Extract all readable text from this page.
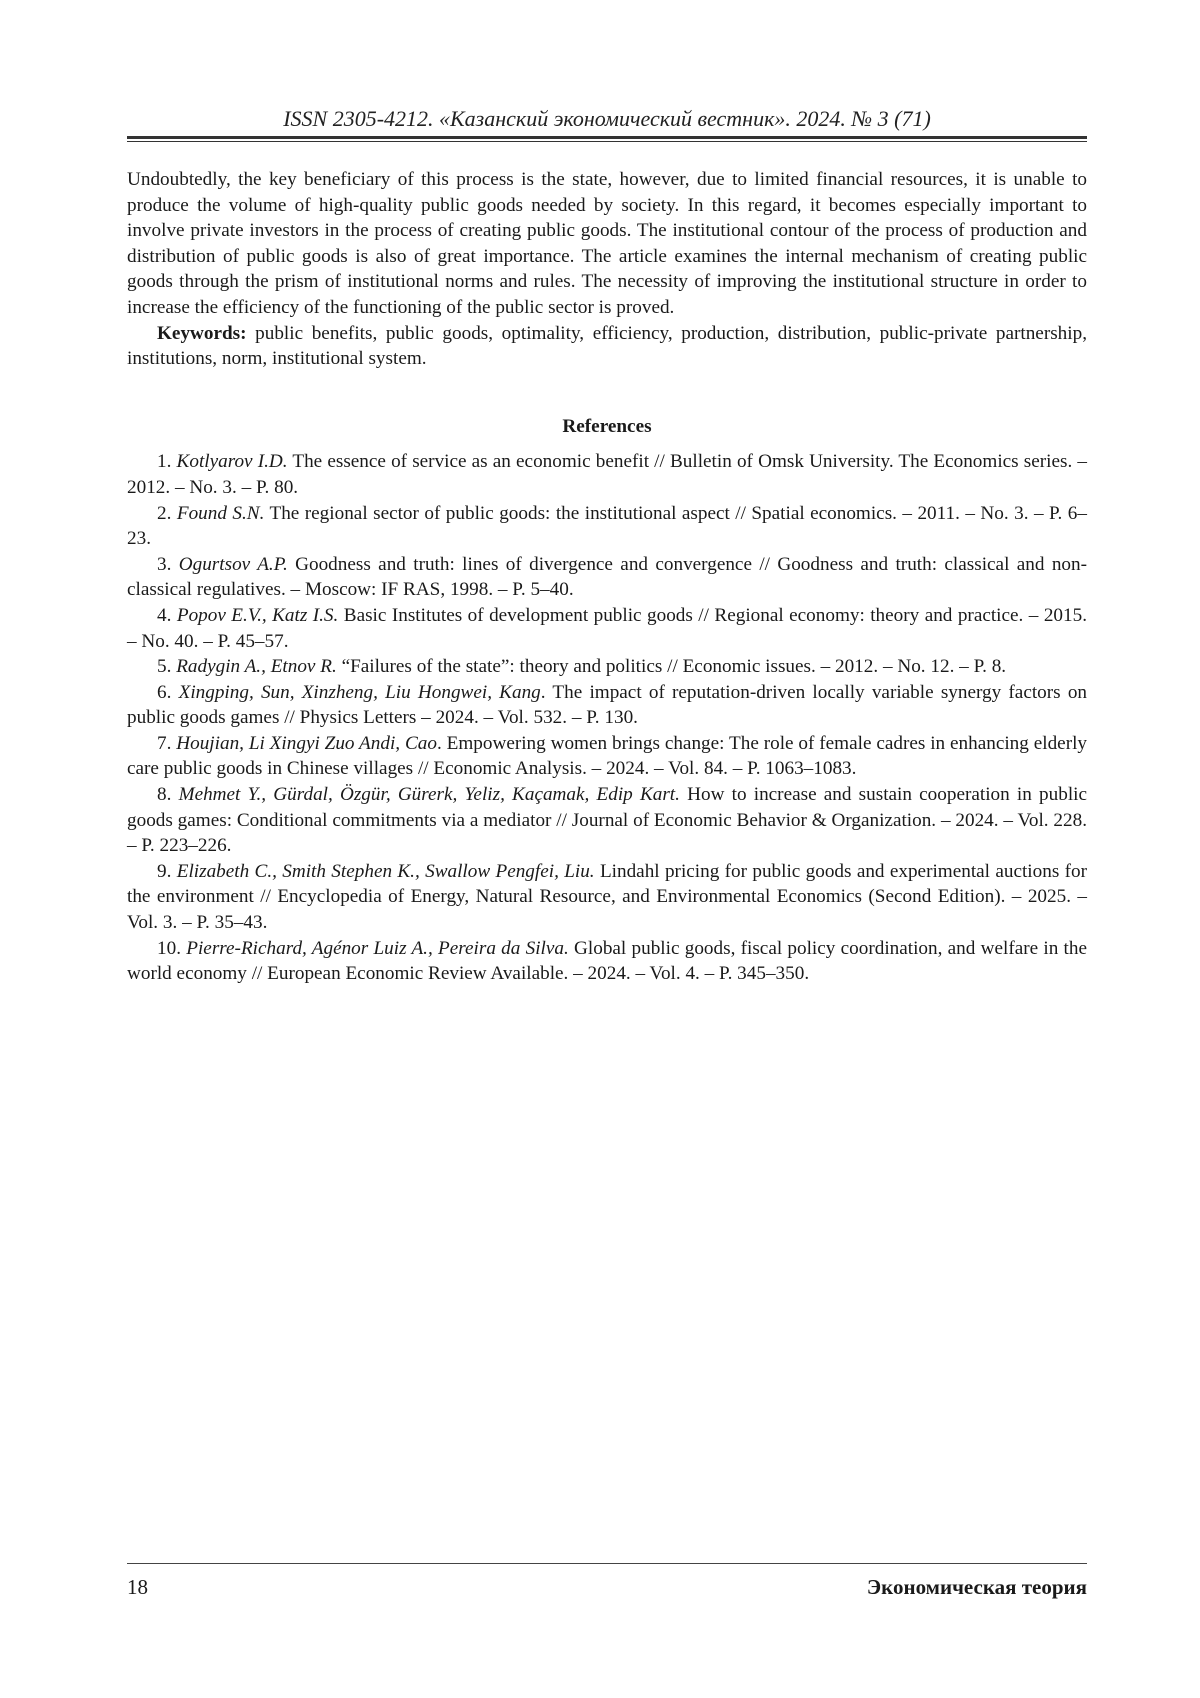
ISSN 2305-4212. «Казанский экономический вестник». 2024. № 3 (71)

Undoubtedly, the key beneficiary of this process is the state, however, due to limited financial resources, it is unable to produce the volume of high-quality public goods needed by society. In this regard, it becomes especially important to involve private investors in the process of creating public goods. The institutional contour of the process of production and distribution of public goods is also of great importance. The article examines the internal mechanism of creating public goods through the prism of institutional norms and rules. The necessity of improving the institutional structure in order to increase the efficiency of the functioning of the public sector is proved.

Keywords: public benefits, public goods, optimality, efficiency, production, distribution, public-private partnership, institutions, norm, institutional system.

References

1. Kotlyarov I.D. The essence of service as an economic benefit // Bulletin of Omsk University. The Economics series. – 2012. – No. 3. – P. 80.

2. Found S.N. The regional sector of public goods: the institutional aspect // Spatial economics. – 2011. – No. 3. – P. 6–23.

3. Ogurtsov A.P. Goodness and truth: lines of divergence and convergence // Goodness and truth: classical and non-classical regulatives. – Moscow: IF RAS, 1998. – P. 5–40.

4. Popov E.V., Katz I.S. Basic Institutes of development public goods // Regional economy: theory and practice. – 2015. – No. 40. – P. 45–57.

5. Radygin A., Etnov R. “Failures of the state”: theory and politics // Economic issues. – 2012. – No. 12. – P. 8.

6. Xingping, Sun, Xinzheng, Liu Hongwei, Kang. The impact of reputation-driven locally variable synergy factors on public goods games // Physics Letters – 2024. – Vol. 532. – P. 130.

7. Houjian, Li Xingyi Zuo Andi, Cao. Empowering women brings change: The role of female cadres in enhancing elderly care public goods in Chinese villages // Economic Analysis. – 2024. – Vol. 84. – P. 1063–1083.

8. Mehmet Y., Gürdal, Özgür, Gürerk, Yeliz, Kaçamak, Edip Kart. How to increase and sustain cooperation in public goods games: Conditional commitments via a mediator // Journal of Economic Behavior & Organization. – 2024. – Vol. 228. – P. 223–226.

9. Elizabeth C., Smith Stephen K., Swallow Pengfei, Liu. Lindahl pricing for public goods and experimental auctions for the environment // Encyclopedia of Energy, Natural Resource, and Environmental Economics (Second Edition). – 2025. – Vol. 3. – P. 35–43.

10. Pierre-Richard, Agénor Luiz A., Pereira da Silva. Global public goods, fiscal policy coordination, and welfare in the world economy // European Economic Review Available. – 2024. – Vol. 4. – P. 345–350.

18	Экономическая теория
